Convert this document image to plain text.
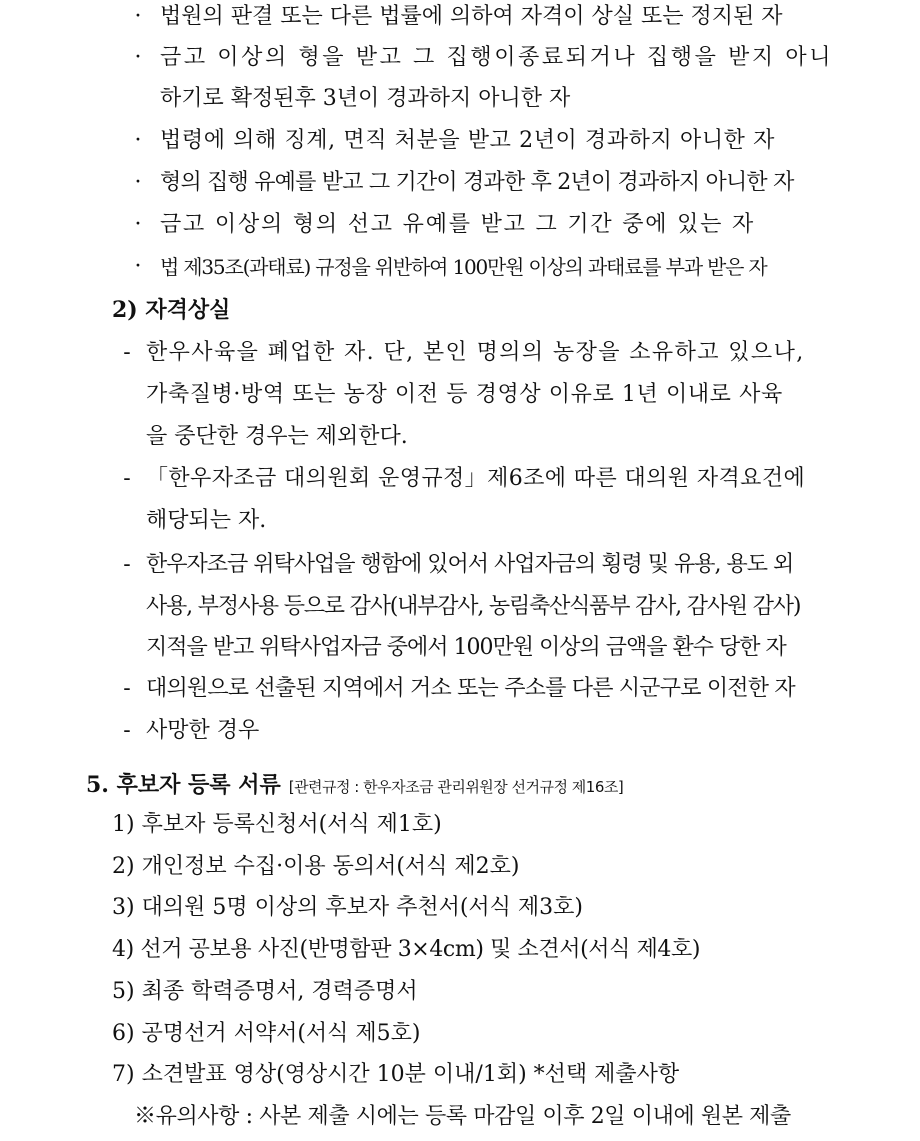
· 법원의 판결 또는 다른 법률에 의하여 자격이 상실 또는 정지된 자
· 금고 이상의 형을 받고 그 집행이종료되거나 집행을 받지 아니
하기로 확정된후 3년이 경과하지 아니한 자
· 법령에 의해 징계, 면직 처분을 받고 2년이 경과하지 아니한 자
· 형의 집행 유예를 받고 그 기간이 경과한 후 2년이 경과하지 아니한 자
· 금고 이상의 형의 선고 유예를 받고 그 기간 중에 있는 자
· 법 제35조(과태료) 규정을 위반하여 100만원 이상의 과태료를 부과 받은 자
2) 자격상실
- 한우사육을 폐업한 자. 단, 본인 명의의 농장을 소유하고 있으나,
가축질병·방역 또는 농장 이전 등 경영상 이유로 1년 이내로 사육
을 중단한 경우는 제외한다.
- 「한우자조금 대의원회 운영규정」제6조에 따른 대의원 자격요건에
해당되는 자.
- 한우자조금 위탁사업을 행함에 있어서 사업자금의 횡령 및 유용, 용도 외
사용, 부정사용 등으로 감사(내부감사, 농림축산식품부 감사, 감사원 감사)
지적을 받고 위탁사업자금 중에서 100만원 이상의 금액을 환수 당한 자
- 대의원으로 선출된 지역에서 거소 또는 주소를 다른 시군구로 이전한 자
- 사망한 경우
5. 후보자 등록 서류 [관련규정 : 한우자조금 관리위원장 선거규정 제16조]
1) 후보자 등록신청서(서식 제1호)
2) 개인정보 수집·이용 동의서(서식 제2호)
3) 대의원 5명 이상의 후보자 추천서(서식 제3호)
4) 선거 공보용 사진(반명함판 3×4cm) 및 소견서(서식 제4호)
5) 최종 학력증명서, 경력증명서
6) 공명선거 서약서(서식 제5호)
7) 소견발표 영상(영상시간 10분 이내/1회) *선택 제출사항
※유의사항 : 사본 제출 시에는 등록 마감일 이후 2일 이내에 원본 제출
